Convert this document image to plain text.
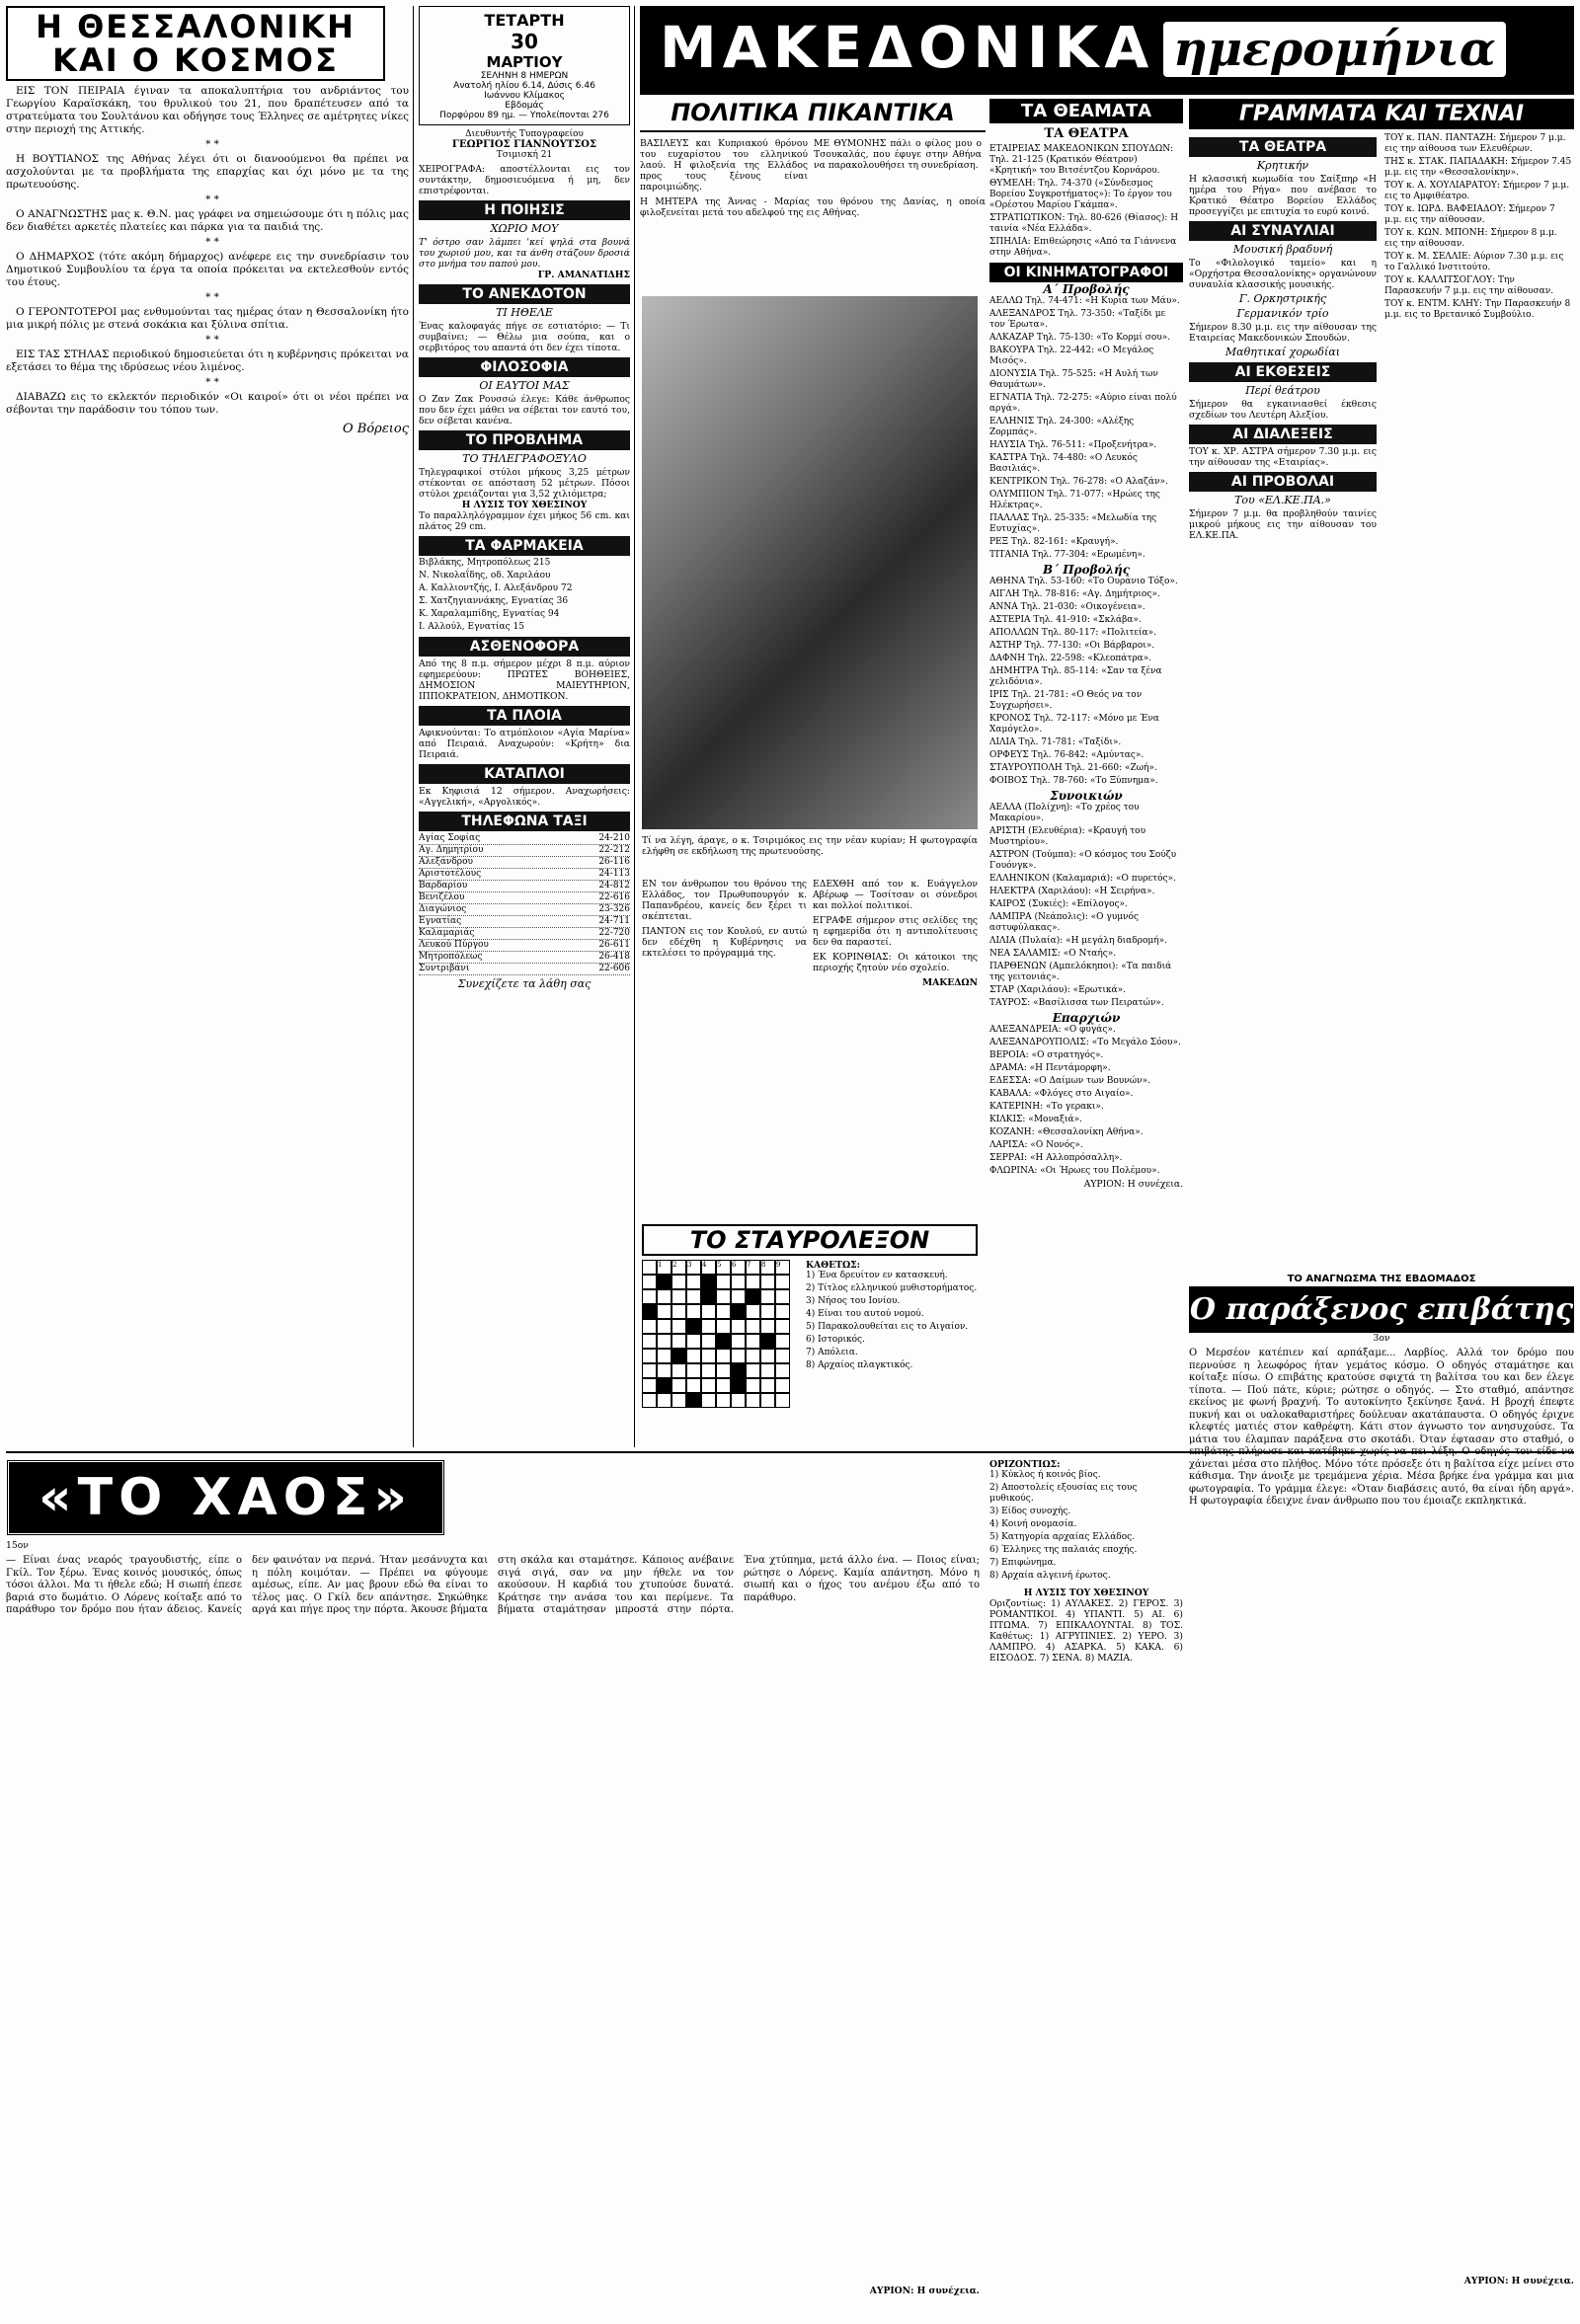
Η ΘΕΣΣΑΛΟΝΙΚΗ
ΚΑΙ Ο ΚΟΣΜΟΣ

ΕΙΣ ΤΟΝ ΠΕΙΡΑΙΑ έγιναν τα αποκαλυπτήρια του ανδριάντος του Γεωργίου Καραϊσκάκη, του θρυλικού του 21, που δραπέτευσεν από τα στρατεύματα του Σουλτάνου και οδήγησε τους Έλληνες σε αμέτρητες νίκες στην περιοχή της Αττικής.

* *

Η ΒΟΥΤΙΑΝΟΣ της Αθήνας λέγει ότι οι διανοούμενοι θα πρέπει να ασχολούνται με τα προβλήματα της επαρχίας και όχι μόνο με τα της πρωτευούσης.

* *

Ο ΑΝΑΓΝΩΣΤΗΣ μας κ. Θ.Ν. μας γράφει να σημειώσουμε ότι η πόλις μας δεν διαθέτει αρκετές πλατείες και πάρκα για τα παιδιά της.

* *

Ο ΔΗΜΑΡΧΟΣ (τότε ακόμη δήμαρχος) ανέφερε εις την συνεδρίασιν του Δημοτικού Συμβουλίου τα έργα τα οποία πρόκειται να εκτελεσθούν εντός του έτους.

* *

Ο ΓΕΡΟΝΤΟΤΕΡΟΙ μας ενθυμούνται τας ημέρας όταν η Θεσσαλονίκη ήτο μια μικρή πόλις με στενά σοκάκια και ξύλινα σπίτια.

* *

ΕΙΣ ΤΑΣ ΣΤΗΛΑΣ περιοδικού δημοσιεύεται ότι η κυβέρνησις πρόκειται να εξετάσει το θέμα της ιδρύσεως νέου λιμένος.

* *

ΔΙΑΒΑΖΩ εις το εκλεκτόν περιοδικόν «Οι καιροί» ότι οι νέοι πρέπει να σέβονται την παράδοσιν του τόπου των.

Ο Βόρειος

ΤΕΤΑΡΤΗ
30
ΜΑΡΤΙΟΥ
ΣΕΛΗΝΗ 8 ΗΜΕΡΩΝ
Ανατολή ηλίου 6.14, Δύσις 6.46
Ιωάννου Κλίμακος
Εβδομάς
Πορφύρου 89 ημ. — Υπολείπονται 276
Διευθυντής Τυπογραφείου
ΓΕΩΡΓΙΟΣ ΓΙΑΝΝΟΥΤΣΟΣ
Τσιμισκή 21
ΧΕΙΡΟΓΡΑΦΑ: αποστέλλονται εις τον συντάκτην, δημοσιευόμενα ή μη, δεν επιστρέφονται.
Η ΠΟΙΗΣΙΣ
ΧΩΡΙΟ ΜΟΥ
Τ' όστρο σαν λάμπει 'κεί ψηλά στα βουνά του χωριού μου, και τα άνθη στάζουν δροσιά στο μνήμα του παπού μου.
ΓΡ. ΑΜΑΝΑΤΙΔΗΣ
ΤΟ ΑΝΕΚΔΟΤΟΝ
ΤΙ ΗΘΕΛΕ
Ένας καλοφαγάς πήγε σε εστιατόριο: — Τι συμβαίνει; — Θέλω μια σούπα, και ο σερβιτόρος του απαντά ότι δεν έχει τίποτα.
ΦΙΛΟΣΟΦΙΑ
ΟΙ ΕΑΥΤΟΙ ΜΑΣ
Ο Ζαν Ζακ Ρουσσώ έλεγε: Κάθε άνθρωπος που δεν έχει μάθει να σέβεται τον εαυτό του, δεν σέβεται κανένα.
ΤΟ ΠΡΟΒΛΗΜΑ
ΤΟ ΤΗΛΕΓΡΑΦΟΞΥΛΟ
Τηλεγραφικοί στύλοι μήκους 3,25 μέτρων στέκονται σε απόσταση 52 μέτρων. Πόσοι στύλοι χρειάζονται για 3,52 χιλιόμετρα;
Η ΛΥΣΙΣ ΤΟΥ ΧΘΕΣΙΝΟΥ
Το παραλληλόγραμμον έχει μήκος 56 cm. και πλάτος 29 cm.
ΤΑ ΦΑΡΜΑΚΕΙΑ
Βιβλάκης, Μητροπόλεως 215
Ν. Νικολαΐδης, οδ. Χαριλάου
Α. Καλλιοντζής, Ι. Αλεξάνδρου 72
Σ. Χατζηγιαννάκης, Εγνατίας 36
Κ. Χαραλαμπίδης, Εγνατίας 94
Ι. Αλλούλ, Εγνατίας 15
ΑΣΘΕΝΟΦΟΡΑ
Από της 8 π.μ. σήμερον μέχρι 8 π.μ. αύριον εφημερεύουν: ΠΡΩΤΕΣ ΒΟΗΘΕΙΕΣ, ΔΗΜΟΣΙΟΝ ΜΑΙΕΥΤΗΡΙΟΝ, ΙΠΠΟΚΡΑΤΕΙΟΝ, ΔΗΜΟΤΙΚΟΝ.
ΤΑ ΠΛΟΙΑ
Αφικνούνται: Το ατμόπλοιον «Αγία Μαρίνα» από Πειραιά. Αναχωρούν: «Κρήτη» δια Πειραιά.
ΚΑΤΑΠΛΟΙ
Εκ Κηφισιά 12 σήμερον. Αναχωρήσεις: «Αγγελική», «Αργολικός».
ΤΗΛΕΦΩΝΑ ΤΑΞΙ
Αγίας Σοφίας	24-210
Αγ. Δημητρίου	22-212
Αλεξάνδρου	26-116
Αριστοτέλους	24-113
Βαρδαρίου	24-812
Βενιζέλου	22-616
Διαγώνιος	23-326
Εγνατίας	24-711
Καλαμαριάς	22-720
Λευκού Πύργου	26-611
Μητροπόλεως	26-418
Συντριβάνι	22-606
Συνεχίζετε τα λάθη σας
ΜΑΚΕΔΟΝΙΚΑ ημερομήνια
ΠΟΛΙΤΙΚΑ ΠΙΚΑΝΤΙΚΑ
ΒΑΣΙΛΕΥΣ και Κυπριακού θρόνου του ευχαρίστου του ελληνικού λαού. Η φιλοξενία της Ελλάδος προς τους ξένους είναι παροιμιώδης.
ΜΕ ΘΥΜΟΝΗΣ πάλι ο φίλος μου ο Τσουκαλάς, που έφυγε στην Αθήνα να παρακολουθήσει τη συνεδρίαση.
Η ΜΗΤΕΡΑ της Άννας - Μαρίας του θρόνου της Δανίας, η οποία φιλοξενείται μετά του αδελφού της εις Αθήνας.
Τί να λέγη, άραγε, ο κ. Τσιριμόκος εις την νέαν κυρίαν; Η φωτογραφία ελήφθη σε εκδήλωση της πρωτευούσης.
ΕΝ τον άνθρωπον του θρόνου της Ελλάδος, τον Πρωθυπουργόν κ. Παπανδρέου, κανείς δεν ξέρει τι σκέπτεται.
ΠΑΝΤΟΝ εις τον Κουλού, εν αυτώ δεν εδέχθη η Κυβέρνησις να εκτελέσει το πρόγραμμά της.
ΕΔΕΧΘΗ από τον κ. Ευάγγελον Αβέρωφ — Τοσίτσαν οι σύνεδροι και πολλοί πολιτικοί.
ΕΓΡΑΦΕ σήμερον στις σελίδες της η εφημερίδα ότι η αντιπολίτευσις δεν θα παραστεί.
ΕΚ ΚΟΡΙΝΘΙΑΣ: Οι κάτοικοι της περιοχής ζητούν νέο σχολείο.
ΜΑΚΕΔΩΝ
ΤΟ ΣΤΑΥΡΟΛΕΞΟΝ
1	2	3	4	5	6	7	8	9	ΚΑΘΕΤΩΣ:
1) Ένα δρευίτον εν κατασκευή.
2) Τίτλος ελληνικού μυθιστορήματος.
3) Νήσος του Ιονίου.
4) Είναι του αυτού νομού.
5) Παρακολουθείται εις το Αιγαίον.
6) Ιστορικός.
7) Απόλεια.
8) Αρχαίος πλαγκτικός.
ΤΑ ΘΕΑΜΑΤΑ
ΤΑ ΘΕΑΤΡΑ
ΕΤΑΙΡΕΙΑΣ ΜΑΚΕΔΟΝΙΚΩΝ ΣΠΟΥΔΩΝ: Τηλ. 21-125 (Κρατικόν Θέατρον) «Κρητική» του Βιτσέντζου Κορνάρου.
ΘΥΜΕΛΗ: Τηλ. 74-370 («Σύνδεσμος Βορείου Συγκροτήματος»): Το έργον του «Ορέστου Μαρίου Γκάμπα».
ΣΤΡΑΤΙΩΤΙΚΟΝ: Τηλ. 80-626 (Θίασος): Η ταινία «Νέα Ελλάδα».
ΣΠΗΛΙΑ: Επιθεώρησις «Από τα Γιάννενα στην Αθήνα».
ΟΙ ΚΙΝΗΜΑΤΟΓΡΑΦΟΙ
Α΄ Προβολής
ΑΕΛΛΩ Τηλ. 74-471: «Η Κυρία των Μάυ».
ΑΛΕΞΑΝΔΡΟΣ Τηλ. 73-350: «Ταξίδι με τον Έρωτα».
ΑΛΚΑΖΑΡ Τηλ. 75-130: «Το Κορμί σου».
ΒΑΚΟΥΡΑ Τηλ. 22-442: «Ο Μεγάλος Μισός».
ΔΙΟΝΥΣΙΑ Τηλ. 75-525: «Η Αυλή των Θαυμάτων».
ΕΓΝΑΤΙΑ Τηλ. 72-275: «Αύριο είναι πολύ αργά».
ΕΛΛΗΝΙΣ Τηλ. 24-300: «Αλέξης Ζορμπάς».
ΗΛΥΣΙΑ Τηλ. 76-511: «Προξενήτρα».
ΚΑΣΤΡΑ Τηλ. 74-480: «Ο Λευκός Βασιλιάς».
ΚΕΝΤΡΙΚΟΝ Τηλ. 76-278: «Ο Αλαζάν».
ΟΛΥΜΠΙΟΝ Τηλ. 71-077: «Ηρώες της Ηλέκτρας».
ΠΑΛΛΑΣ Τηλ. 25-335: «Μελωδία της Ευτυχίας».
ΡΕΞ Τηλ. 82-161: «Κραυγή».
ΤΙΤΑΝΙΑ Τηλ. 77-304: «Ερωμένη».
Β΄ Προβολής
ΑΘΗΝΑ Τηλ. 53-160: «Το Ουράνιο Τόξο».
ΑΙΓΛΗ Τηλ. 78-816: «Αγ. Δημήτριος».
ΑΝΝΑ Τηλ. 21-030: «Οικογένεια».
ΑΣΤΕΡΙΑ Τηλ. 41-910: «Σκλάβα».
ΑΠΟΛΛΩΝ Τηλ. 80-117: «Πολιτεία».
ΑΣΤΗΡ Τηλ. 77-130: «Οι Βάρβαροι».
ΔΑΦΝΗ Τηλ. 22-598: «Κλεοπάτρα».
ΔΗΜΗΤΡΑ Τηλ. 85-114: «Σαν τα ξένα χελιδόνια».
ΙΡΙΣ Τηλ. 21-781: «Ο Θεός να τον Συγχωρήσει».
ΚΡΟΝΟΣ Τηλ. 72-117: «Μόνο με Ένα Χαμόγελο».
ΛΙΛΙΑ Τηλ. 71-781: «Ταξίδι».
ΟΡΦΕΥΣ Τηλ. 76-842: «Αμύντας».
ΣΤΑΥΡΟΥΠΟΛΗ Τηλ. 21-660: «Ζωή».
ΦΟΙΒΟΣ Τηλ. 78-760: «Το Ξύπνημα».
Συνοικιών
ΑΕΛΛΑ (Πολίχνη): «Το χρέος του Μακαρίου».
ΑΡΙΣΤΗ (Ελευθέρια): «Κραυγή του Μυστηρίου».
ΑΣΤΡΟΝ (Τούμπα): «Ο κόσμος του Σούζυ Γουόνγκ».
ΕΛΛΗΝΙΚΟΝ (Καλαμαριά): «Ο πυρετός».
ΗΛΕΚΤΡΑ (Χαριλάου): «Η Σειρήνα».
ΚΑΙΡΟΣ (Συκιές): «Επίλογος».
ΛΑΜΠΡΑ (Νεάπολις): «Ο γυμνός αστυφύλακας».
ΛΙΛΙΑ (Πυλαία): «Η μεγάλη διαδρομή».
ΝΕΑ ΣΑΛΑΜΙΣ: «Ο Νταής».
ΠΑΡΘΕΝΩΝ (Αμπελόκηποι): «Τα παιδιά της γειτονιάς».
ΣΤΑΡ (Χαριλάου): «Ερωτικά».
ΤΑΥΡΟΣ: «Βασίλισσα των Πειρατών».
Επαρχιών
ΑΛΕΞΑΝΔΡΕΙΑ: «Ο φυγάς».
ΑΛΕΞΑΝΔΡΟΥΠΟΛΙΣ: «Το Μεγάλο Σόου».
ΒΕΡΟΙΑ: «Ο στρατηγός».
ΔΡΑΜΑ: «Η Πεντάμορφη».
ΕΔΕΣΣΑ: «Ο Δαίμων των Βουνών».
ΚΑΒΑΛΑ: «Φλόγες στο Αιγαίο».
ΚΑΤΕΡΙΝΗ: «Το γερακι».
ΚΙΛΚΙΣ: «Μοναξιά».
ΚΟΖΑΝΗ: «Θεσσαλονίκη Αθήνα».
ΛΑΡΙΣΑ: «Ο Νονός».
ΣΕΡΡΑΙ: «Η Αλλοπρόσαλλη».
ΦΛΩΡΙΝΑ: «Οι Ήρωες του Πολέμου».
ΑΥΡΙΟΝ: Η συνέχεια.
ΓΡΑΜΜΑΤΑ ΚΑΙ ΤΕΧΝΑΙ
ΤΑ ΘΕΑΤΡΑ
Κρητικήν
Η κλασσική κωμωδία του Σαίξπηρ «Η ημέρα του Ρήγα» που ανέβασε το Κρατικό Θέατρο Βορείου Ελλάδος προσεγγίζει με επιτυχία το ευρύ κοινό.
ΑΙ ΣΥΝΑΥΛΙΑΙ
Μουσική βραδυνή
Το «Φιλολογικό ταμείο» και η «Ορχήστρα Θεσσαλονίκης» οργανώνουν συναυλία κλασσικής μουσικής.
Γ. Ορκηστρικής
Γερμανικόν τρίο
Σήμερον 8.30 μ.μ. εις την αίθουσαν της Εταιρείας Μακεδονικών Σπουδών.
Μαθητικαί χορωδίαι
ΑΙ ΕΚΘΕΣΕΙΣ
Περί θεάτρου
Σήμερον θα εγκαινιασθεί έκθεσις σχεδίων του Λευτέρη Αλεξίου.
ΑΙ ΔΙΑΛΕΞΕΙΣ
ΤΟΥ κ. ΧΡ. ΑΣΤΡΑ σήμερον 7.30 μ.μ. εις την αίθουσαν της «Εταιρίας».
ΑΙ ΠΡΟΒΟΛΑΙ
Του «ΕΛ.ΚΕ.ΠΑ.»
Σήμερον 7 μ.μ. θα προβληθούν ταινίες μικρού μήκους εις την αίθουσαν του ΕΛ.ΚΕ.ΠΑ.
ΤΟΥ κ. ΠΑΝ. ΠΑΝΤΑΖΗ: Σήμερον 7 μ.μ. εις την αίθουσα των Ελευθέρων.
ΤΗΣ κ. ΣΤΑΚ. ΠΑΠΑΔΑΚΗ: Σήμερον 7.45 μ.μ. εις την «Θεσσαλονίκην».
ΤΟΥ κ. Α. ΧΟΥΛΙΑΡΑΤΟΥ: Σήμερον 7 μ.μ. εις το Αμφιθέατρο.
ΤΟΥ κ. ΙΩΡΔ. ΒΑΦΕΙΑΔΟΥ: Σήμερον 7 μ.μ. εις την αίθουσαν.
ΤΟΥ κ. ΚΩΝ. ΜΠΟΝΗ: Σήμερον 8 μ.μ. εις την αίθουσαν.
ΤΟΥ κ. Μ. ΣΕΛΛΙΕ: Αύριον 7.30 μ.μ. εις το Γαλλικό Ινστιτούτο.
ΤΟΥ κ. ΚΑΛΛΙΤΣΟΓΛΟΥ: Την Παρασκευήν 7 μ.μ. εις την αίθουσαν.
ΤΟΥ κ. ΕΝΤΜ. ΚΛΗΥ: Την Παρασκευήν 8 μ.μ. εις το Βρετανικό Συμβούλιο.
«ΤΟ ΧΑΟΣ»
15ον
— Είναι ένας νεαρός τραγουδιστής, είπε ο Γκίλ. Τον ξέρω. Ένας κοινός μουσικός, όπως τόσοι άλλοι. Μα τι ήθελε εδώ; Η σιωπή έπεσε βαριά στο δωμάτιο. Ο Λόρενς κοίταξε από το παράθυρο τον δρόμο που ήταν άδειος. Κανείς δεν φαινόταν να περνά. Ήταν μεσάνυχτα και η πόλη κοιμόταν. — Πρέπει να φύγουμε αμέσως, είπε. Αν μας βρουν εδώ θα είναι το τέλος μας. Ο Γκίλ δεν απάντησε. Σηκώθηκε αργά και πήγε προς την πόρτα. Άκουσε βήματα στη σκάλα και σταμάτησε. Κάποιος ανέβαινε σιγά σιγά, σαν να μην ήθελε να τον ακούσουν. Η καρδιά του χτυπούσε δυνατά. Κράτησε την ανάσα του και περίμενε. Τα βήματα σταμάτησαν μπροστά στην πόρτα. Ένα χτύπημα, μετά άλλο ένα. — Ποιος είναι; ρώτησε ο Λόρενς. Καμία απάντηση. Μόνο η σιωπή και ο ήχος του ανέμου έξω από το παράθυρο.
ΑΥΡΙΟΝ: Η συνέχεια.
ΟΡΙΖΟΝΤΙΩΣ:
1) Κύκλος ή κοινός βίος.
2) Αποστολείς εξουσίας εις τους μυθικούς.
3) Είδος συνοχής.
4) Κοινή ονομασία.
5) Κατηγορία αρχαίας Ελλάδος.
6) Έλληνες της παλαιάς εποχής.
7) Επιφώνημα.
8) Αρχαία αλγεινή έρωτος.
Η ΛΥΣΙΣ ΤΟΥ ΧΘΕΣΙΝΟΥ
Οριζοντίως: 1) ΑΥΛΑΚΕΣ. 2) ΓΕΡΟΣ. 3) ΡΟΜΑΝΤΙΚΟΙ. 4) ΥΠΑΝΤΙ. 5) ΑΙ. 6) ΠΤΩΜΑ. 7) ΕΠΙΚΑΛΟΥΝΤΑΙ. 8) ΤΟΣ. Καθέτως: 1) ΑΓΡΥΠΝΙΕΣ. 2) ΥΕΡΟ. 3) ΛΑΜΠΡΟ. 4) ΑΣΑΡΚΑ. 5) ΚΑΚΑ. 6) ΕΙΣΟΔΟΣ. 7) ΣΕΝΑ. 8) ΜΑΖΙΑ.
ΤΟ ΑΝΑΓΝΩΣΜΑ ΤΗΣ ΕΒΔΟΜΑΔΟΣ
Ο παράξενος επιβάτης
3ον
Ο Μερσέον κατέπιεν καί αρπάξαμε... Λαρβίος. Αλλά τον δρόμο που περνούσε η λεωφόρος ήταν γεμάτος κόσμο. Ο οδηγός σταμάτησε και κοίταξε πίσω. Ο επιβάτης κρατούσε σφιχτά τη βαλίτσα του και δεν έλεγε τίποτα. — Πού πάτε, κύριε; ρώτησε ο οδηγός. — Στο σταθμό, απάντησε εκείνος με φωνή βραχνή. Το αυτοκίνητο ξεκίνησε ξανά. Η βροχή έπεφτε πυκνή και οι υαλοκαθαριστήρες δούλευαν ακατάπαυστα. Ο οδηγός έριχνε κλεφτές ματιές στον καθρέφτη. Κάτι στον άγνωστο τον ανησυχούσε. Τα μάτια του έλαμπαν παράξενα στο σκοτάδι. Όταν έφτασαν στο σταθμό, ο επιβάτης πλήρωσε και κατέβηκε χωρίς να πει λέξη. Ο οδηγός τον είδε να χάνεται μέσα στο πλήθος. Μόνο τότε πρόσεξε ότι η βαλίτσα είχε μείνει στο κάθισμα. Την άνοιξε με τρεμάμενα χέρια. Μέσα βρήκε ένα γράμμα και μια φωτογραφία. Το γράμμα έλεγε: «Όταν διαβάσεις αυτό, θα είναι ήδη αργά». Η φωτογραφία έδειχνε έναν άνθρωπο που του έμοιαζε εκπληκτικά.
ΑΥΡΙΟΝ: Η συνέχεια.
